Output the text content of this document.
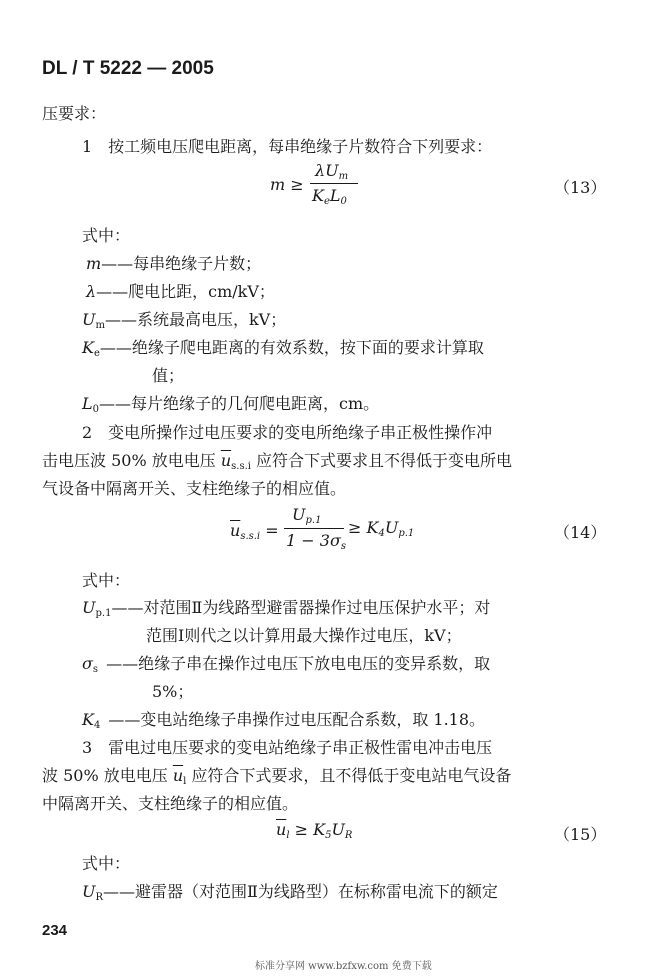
DL / T 5222 — 2005
压要求：
1　按工频电压爬电距离，每串绝缘子片数符合下列要求：
m ≥
$\lambda U_m$
$K_eL_0$
（13）
式中：
m——每串绝缘子片数；
λ——爬电比距，cm/kV；
$U_m——$系统最高电压，kV；
$K_e——$绝缘子爬电距离的有效系数，按下面的要求计算取
值；
$L_0——$每片绝缘子的几何爬电距离，cm。
2　变电所操作过电压要求的变电所绝缘子串正极性操作冲
击电压波 50% 放电电压 $\overline{u}_{s.s.i}$ 应符合下式要求且不得低于变电所电
气设备中隔离开关、支柱绝缘子的相应值。
$\overline{u}_{s.s.i}$ =
$U_{p.1}$
$1 - 3\sigma_s$
≥ $K_4U_{p.1}$	（14）
式中：
$U_{p.1}——$对范围Ⅱ为线路型避雷器操作过电压保护水平；对
范围Ⅰ则代之以计算用最大操作过电压，kV；
$\sigma_s$  ——绝缘子串在操作过电压下放电电压的变异系数，取
5%；
$K_4$  ——变电站绝缘子串操作过电压配合系数，取 1.18。
3　雷电过电压要求的变电站绝缘子串正极性雷电冲击电压
波 50% 放电电压 $\overline{u}_l$ 应符合下式要求，且不得低于变电站电气设备
中隔离开关、支柱绝缘子的相应值。
$\overline{u}_l \ge K_5U_R$	（15）
式中：
$U_R——$避雷器（对范围Ⅱ为线路型）在标称雷电流下的额定
234
标准分享网 www.bzfxw.com 免费下载
